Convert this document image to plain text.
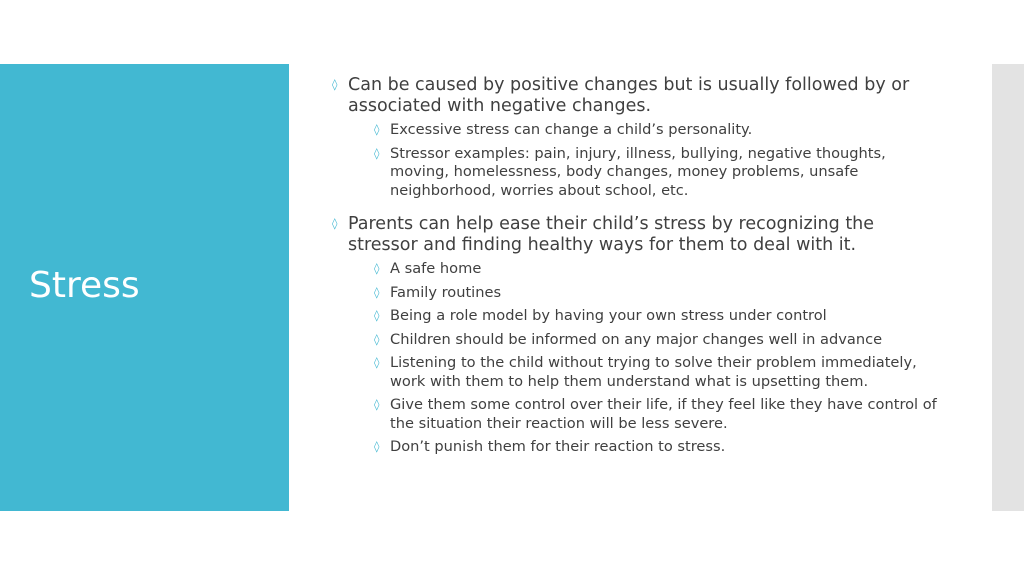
Stress
◊ Can be caused by positive changes but is usually followed by or associated with negative changes.
◊ Excessive stress can change a child’s personality.
◊ Stressor examples: pain, injury, illness, bullying, negative thoughts, moving, homelessness, body changes, money problems, unsafe neighborhood, worries about school, etc.
◊ Parents can help ease their child’s stress by recognizing the stressor and finding healthy ways for them to deal with it.
◊ A safe home
◊ Family routines
◊ Being a role model by having your own stress under control
◊ Children should be informed on any major changes well in advance
◊ Listening to the child without trying to solve their problem immediately, work with them to help them understand what is upsetting them.
◊ Give them some control over their life, if they feel like they have control of the situation their reaction will be less severe.
◊ Don’t punish them for their reaction to stress.
